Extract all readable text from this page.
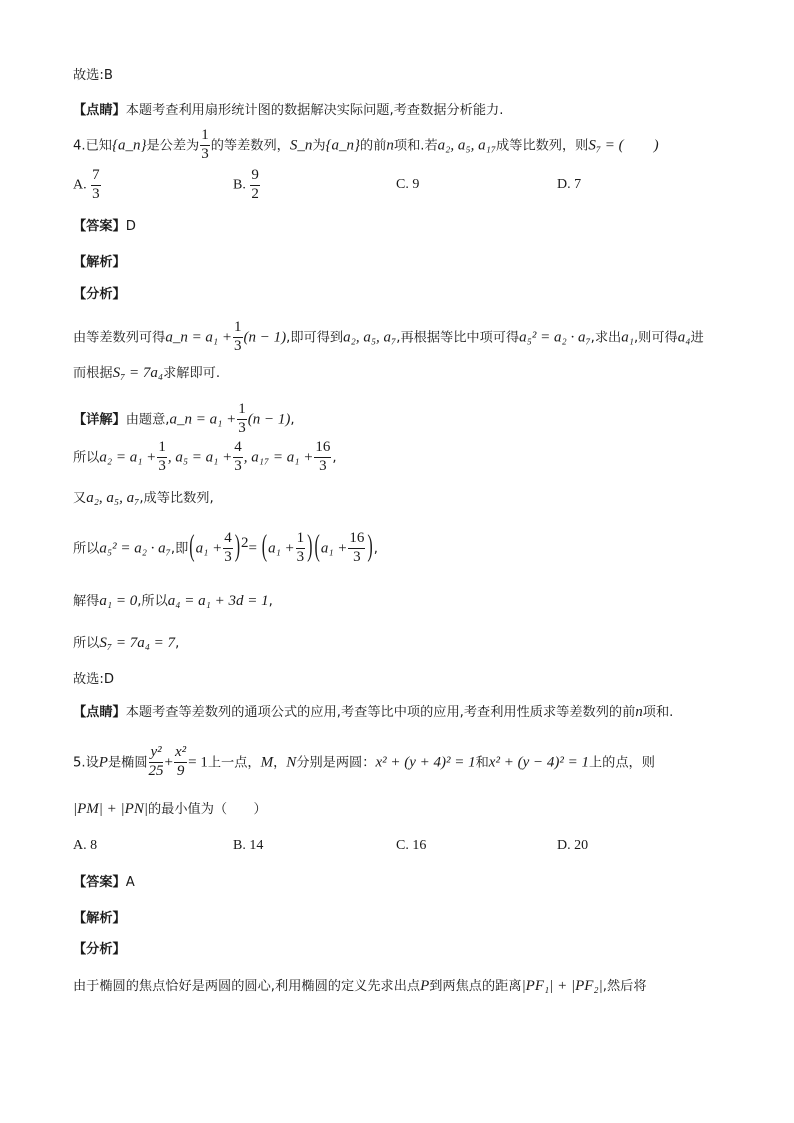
故选:B
【点睛】本题考查利用扇形统计图的数据解决实际问题,考查数据分析能力.
4.已知{a_n}是公差为 $\frac{1}{3}$ 的等差数列，S_n为{a_n}的前n项和.若a₂, a₅, a₁₇成等比数列，则S₇ = (　　)
A. $\frac{7}{3}$	B. $\frac{9}{2}$	C. 9	D. 7
【答案】D
【解析】
【分析】
由等差数列可得a_n = $a_1 + \frac{1}{3} (n - 1)$,即可得到a₂, a₅, a₇,再根据等比中项可得a₅² = a₂ · a₇,求出a₁,则可得a₄进
而根据S₇ = 7a₄求解即可.
【详解】由题意,a_n = $a_1 + \frac{1}{3} (n - 1)$,
所以$a_2 = a_1 + \frac{1}{3}$ , $a_5 = a_1 + \frac{4}{3}$ , $a_{17} = a_1 + \frac{16}{3}$ ,
又a₂, a₅, a₇,成等比数列,
所以a₅² = a₂ · a₇,即$(a_1 + \frac{4}{3} )^2= (a_1 + \frac{1}{3}$ ) ($a_1 + \frac{16}{3}$ ),
解得a₁ = 0,所以a₄ = a₁ + 3d = 1,
所以S₇ = 7a₄ = 7,
故选:D
【点睛】本题考查等差数列的通项公式的应用,考查等比中项的应用,考查利用性质求等差数列的前n项和.
5.设P是椭圆 $\frac{\text{y²}}{25} + \frac{\text{x²}}{9} = 1$上一点，M，N分别是两圆：x² + (y + 4)² = 1和x² + (y − 4)² = 1上的点，则
|PM| + |PN|的最小值为（　　）
A. 8	B. 14	C. 16	D. 20
【答案】A
【解析】
【分析】
由于椭圆的焦点恰好是两圆的圆心,利用椭圆的定义先求出点P到两焦点的距离|PF₁| + |PF₂|,然后将
